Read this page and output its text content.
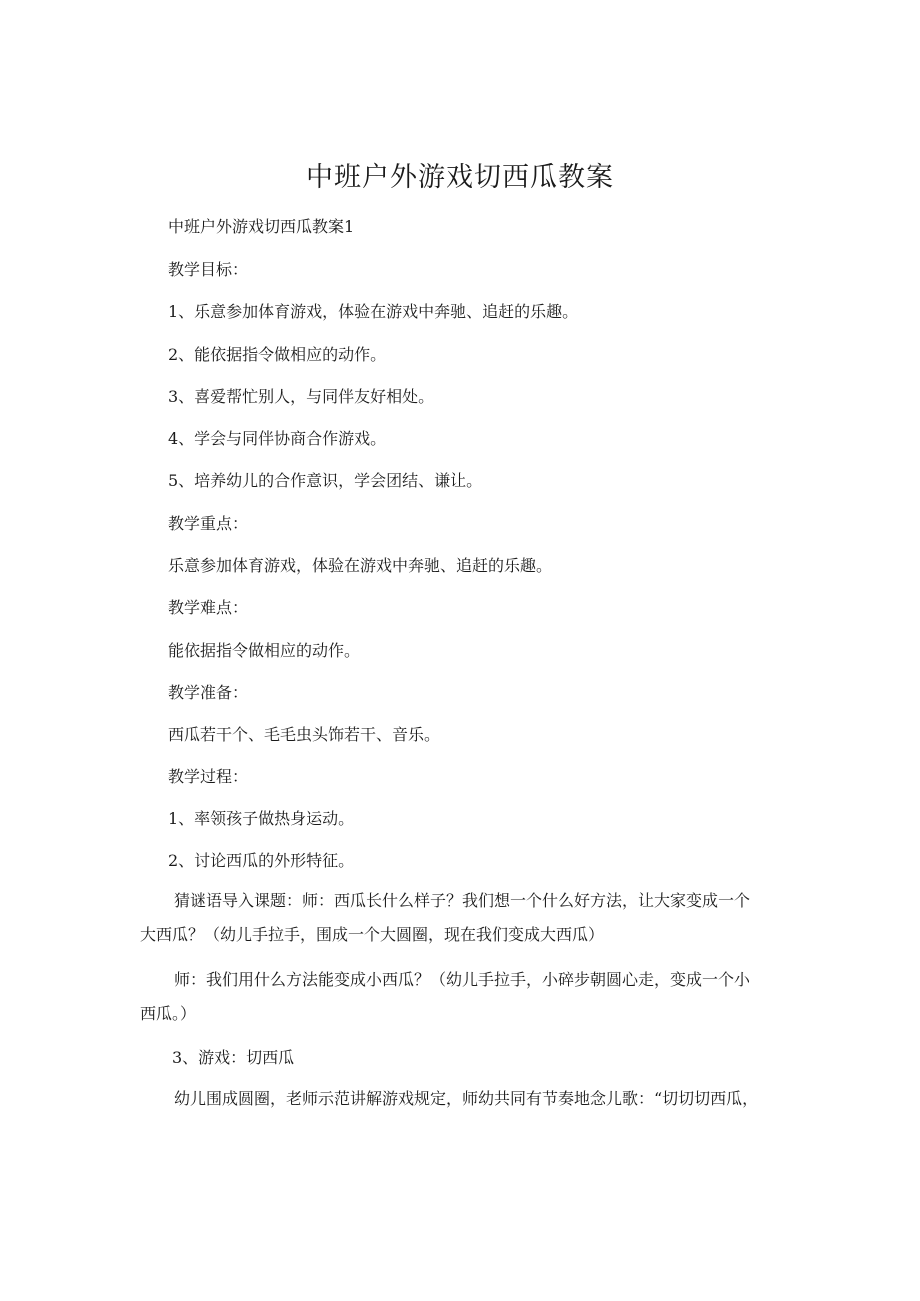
中班户外游戏切西瓜教案
中班户外游戏切西瓜教案1
教学目标：
1、乐意参加体育游戏，体验在游戏中奔驰、追赶的乐趣。
2、能依据指令做相应的动作。
3、喜爱帮忙别人，与同伴友好相处。
4、学会与同伴协商合作游戏。
5、培养幼儿的合作意识，学会团结、谦让。
教学重点：
乐意参加体育游戏，体验在游戏中奔驰、追赶的乐趣。
教学难点：
能依据指令做相应的动作。
教学准备：
西瓜若干个、毛毛虫头饰若干、音乐。
教学过程：
1、率领孩子做热身运动。
2、讨论西瓜的外形特征。
猜谜语导入课题：师：西瓜长什么样子？我们想一个什么好方法，让大家变成一个
大西瓜？（幼儿手拉手，围成一个大圆圈，现在我们变成大西瓜）
师：我们用什么方法能变成小西瓜？（幼儿手拉手，小碎步朝圆心走，变成一个小
西瓜。）
3、游戏：切西瓜
幼儿围成圆圈，老师示范讲解游戏规定，师幼共同有节奏地念儿歌：“切切切西瓜，
